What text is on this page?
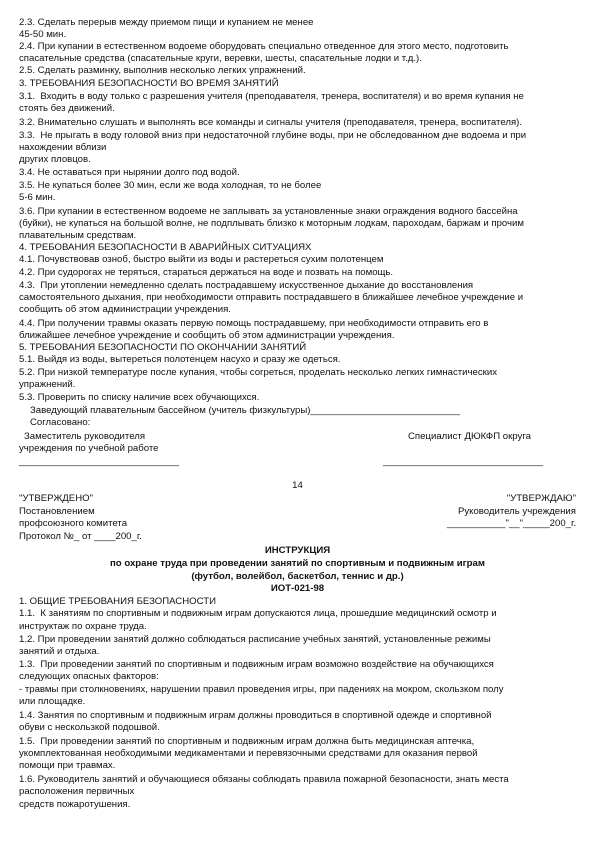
2.3. Сделать перерыв между приемом пищи и купанием не менее
45-50 мин.
2.4. При купании в естественном водоеме оборудовать специально отведенное для этого место, подготовить
спасательные средства (спасательные круги, веревки, шесты, спасательные лодки и т.д.).
2.5. Сделать разминку, выполнив несколько легких упражнений.
3. ТРЕБОВАНИЯ БЕЗОПАСНОСТИ ВО ВРЕМЯ ЗАНЯТИЙ
3.1.  Входить в воду только с разрешения учителя (преподавателя, тренера, воспитателя) и во время купания не
стоять без движений.
3.2. Внимательно слушать и выполнять все команды и сигналы учителя (преподавателя, тренера, воспитателя).
3.3.  Не прыгать в воду головой вниз при недостаточной глубине воды, при не обследованном дне водоема и при
нахождении вблизи
других пловцов.
3.4. Не оставаться при нырянии долго под водой.
3.5. Не купаться более 30 мин, если же вода холодная, то не более
5-6 мин.
3.6. При купании в естественном водоеме не заплывать за установленные знаки ограждения водного бассейна
(буйки), не купаться на большой волне, не подплывать близко к моторным лодкам, пароходам, баржам и прочим
плавательным средствам.
4. ТРЕБОВАНИЯ БЕЗОПАСНОСТИ В АВАРИЙНЫХ СИТУАЦИЯХ
4.1. Почувствовав озноб, быстро выйти из воды и растереться сухим полотенцем
4.2. При судорогах не теряться, стараться держаться на воде и позвать на помощь.
4.3.  При утоплении немедленно сделать пострадавшему искусственное дыхание до восстановления
самостоятельного дыхания, при необходимости отправить пострадавшего в ближайшее лечебное учреждение и
сообщить об этом администрации учреждения.
4.4. При получении травмы оказать первую помощь пострадавшему, при необходимости отправить его в
ближайшее лечебное учреждение и сообщить об этом администрации учреждения.
5. ТРЕБОВАНИЯ БЕЗОПАСНОСТИ ПО ОКОНЧАНИИ ЗАНЯТИЙ
5.1. Выйдя из воды, вытереться полотенцем насухо и сразу же одеться.
5.2. При низкой температуре после купания, чтобы согреться, проделать несколько легких гимнастических
упражнений.
5.3. Проверить по списку наличие всех обучающихся.
Заведующий плавательным бассейном (учитель физкультуры)____________________________
Согласовано:
Заместитель руководителя
учреждения по учебной работе
______________________________
Специалист ДЮКФП округа
______________________________
14
"УТВЕРЖДЕНО"
Постановлением
профсоюзного комитета
Протокол №_ от ____200_г.
"УТВЕРЖДАЮ"
Руководитель учреждения
___________"__"_____200_г.
ИНСТРУКЦИЯ
по охране труда при проведении занятий по спортивным и подвижным играм
(футбол, волейбол, баскетбол, теннис и др.)
ИОТ-021-98
1. ОБЩИЕ ТРЕБОВАНИЯ БЕЗОПАСНОСТИ
1.1.  К занятиям по спортивным и подвижным играм допускаются лица, прошедшие медицинский осмотр и
инструктаж по охране труда.
1.2. При проведении занятий должно соблюдаться расписание учебных занятий, установленные режимы
занятий и отдыха.
1.3.  При проведении занятий по спортивным и подвижным играм возможно воздействие на обучающихся
следующих опасных факторов:
- травмы при столкновениях, нарушении правил проведения игры, при падениях на мокром, скользком полу
или площадке.
1.4. Занятия по спортивным и подвижным играм должны проводиться в спортивной одежде и спортивной
обуви с нескользкой подошвой.
1.5.  При проведении занятий по спортивным и подвижным играм должна быть медицинская аптечка,
укомплектованная необходимыми медикаментами и перевязочными средствами для оказания первой
помощи при травмах.
1.6. Руководитель занятий и обучающиеся обязаны соблюдать правила пожарной безопасности, знать места
расположения первичных
средств пожаротушения.
